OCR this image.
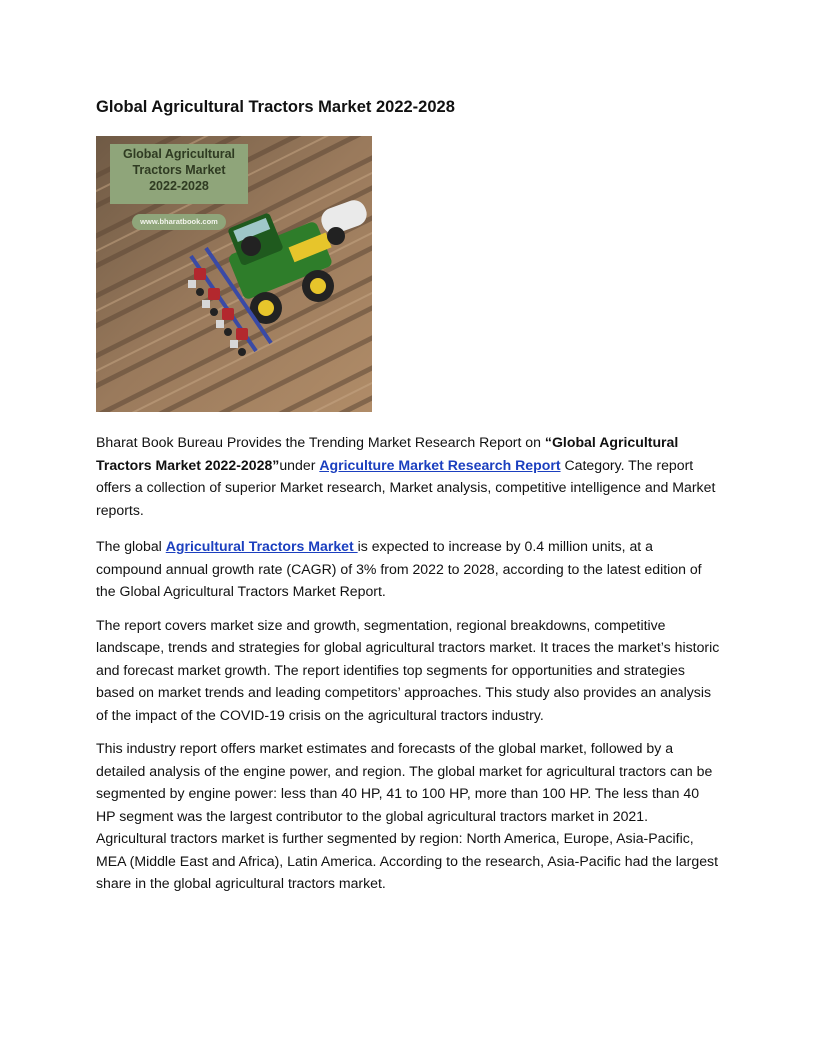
Global Agricultural Tractors Market 2022-2028
Global Agricultural
Tractors Market
2022-2028
www.bharatbook.com

Bharat Book Bureau Provides the Trending Market Research Report on “Global Agricultural Tractors Market 2022-2028”under Agriculture Market Research Report Category. The report offers a collection of superior Market research, Market analysis, competitive intelligence and Market reports.

The global Agricultural Tractors Market is expected to increase by 0.4 million units, at a compound annual growth rate (CAGR) of 3% from 2022 to 2028, according to the latest edition of the Global Agricultural Tractors Market Report.

The report covers market size and growth, segmentation, regional breakdowns, competitive landscape, trends and strategies for global agricultural tractors market. It traces the market’s historic and forecast market growth. The report identifies top segments for opportunities and strategies based on market trends and leading competitors’ approaches. This study also provides an analysis of the impact of the COVID-19 crisis on the agricultural tractors industry.

This industry report offers market estimates and forecasts of the global market, followed by a detailed analysis of the engine power, and region. The global market for agricultural tractors can be segmented by engine power: less than 40 HP, 41 to 100 HP, more than 100 HP. The less than 40 HP segment was the largest contributor to the global agricultural tractors market in 2021. Agricultural tractors market is further segmented by region: North America, Europe, Asia-Pacific, MEA (Middle East and Africa), Latin America. According to the research, Asia-Pacific had the largest share in the global agricultural tractors market.
